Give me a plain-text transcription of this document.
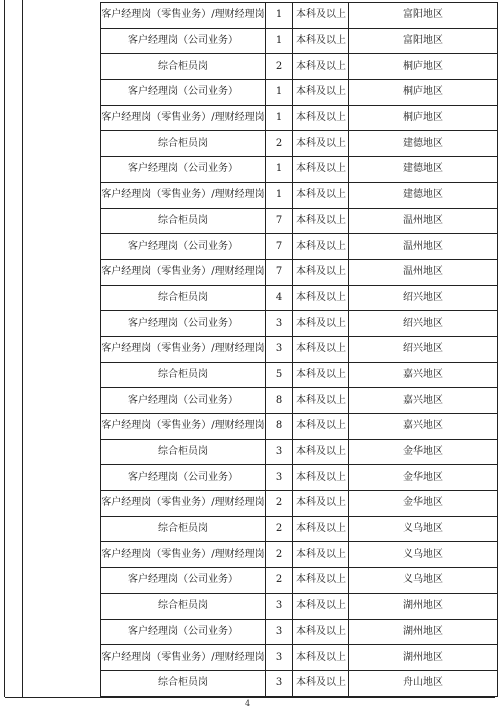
客户经理岗（零售业务）/理财经理岗	1	本科及以上	富阳地区
客户经理岗（公司业务）	1	本科及以上	富阳地区
综合柜员岗	2	本科及以上	桐庐地区
客户经理岗（公司业务）	1	本科及以上	桐庐地区
客户经理岗（零售业务）/理财经理岗	1	本科及以上	桐庐地区
综合柜员岗	2	本科及以上	建德地区
客户经理岗（公司业务）	1	本科及以上	建德地区
客户经理岗（零售业务）/理财经理岗	1	本科及以上	建德地区
综合柜员岗	7	本科及以上	温州地区
客户经理岗（公司业务）	7	本科及以上	温州地区
客户经理岗（零售业务）/理财经理岗	7	本科及以上	温州地区
综合柜员岗	4	本科及以上	绍兴地区
客户经理岗（公司业务）	3	本科及以上	绍兴地区
客户经理岗（零售业务）/理财经理岗	3	本科及以上	绍兴地区
综合柜员岗	5	本科及以上	嘉兴地区
客户经理岗（公司业务）	8	本科及以上	嘉兴地区
客户经理岗（零售业务）/理财经理岗	8	本科及以上	嘉兴地区
综合柜员岗	3	本科及以上	金华地区
客户经理岗（公司业务）	3	本科及以上	金华地区
客户经理岗（零售业务）/理财经理岗	2	本科及以上	金华地区
综合柜员岗	2	本科及以上	义乌地区
客户经理岗（零售业务）/理财经理岗	2	本科及以上	义乌地区
客户经理岗（公司业务）	2	本科及以上	义乌地区
综合柜员岗	3	本科及以上	湖州地区
客户经理岗（公司业务）	3	本科及以上	湖州地区
客户经理岗（零售业务）/理财经理岗	3	本科及以上	湖州地区
综合柜员岗	3	本科及以上	舟山地区
4
